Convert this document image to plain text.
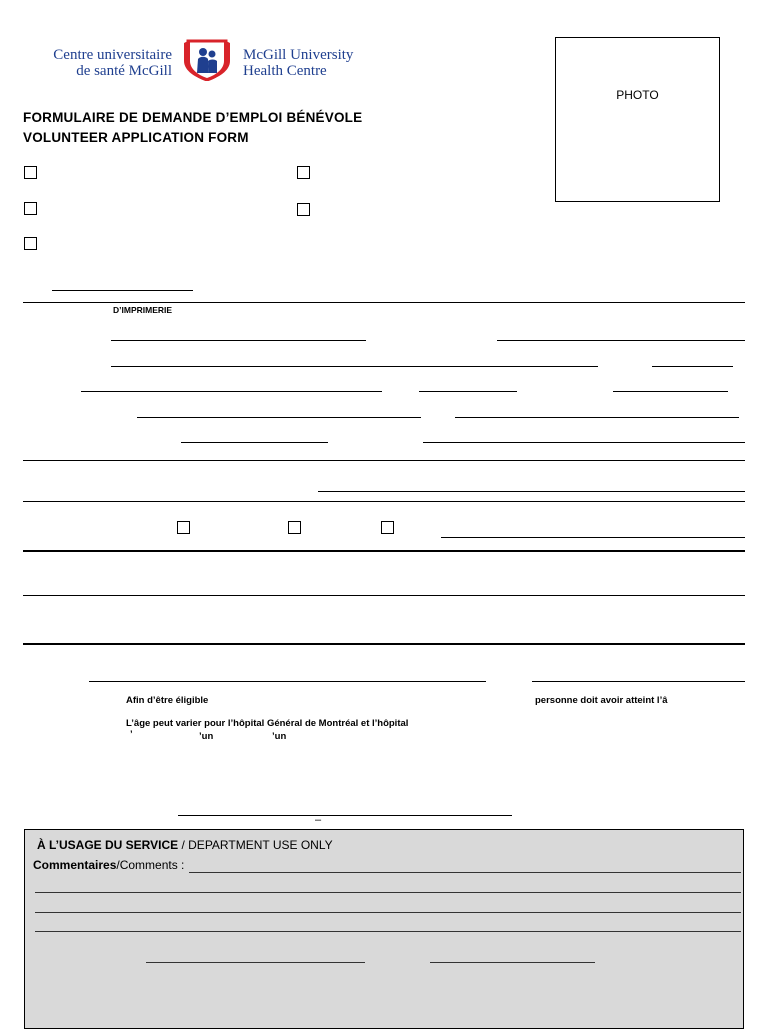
Centre universitaire
de santé McGill
McGill University
Health Centre
FORMULAIRE DE DEMANDE D’EMPLOI BÉNÉVOLE
VOLUNTEER APPLICATION FORM
PHOTO
D’IMPRIMERIE
Afin d’être éligible	personne doit avoir atteint l’â
L’âge peut varier pour l’hôpital Général de Montréal et l’hôpital
’	’un	’un
–
À L’USAGE DU SERVICE / DEPARTMENT USE ONLY
Commentaires/Comments :
